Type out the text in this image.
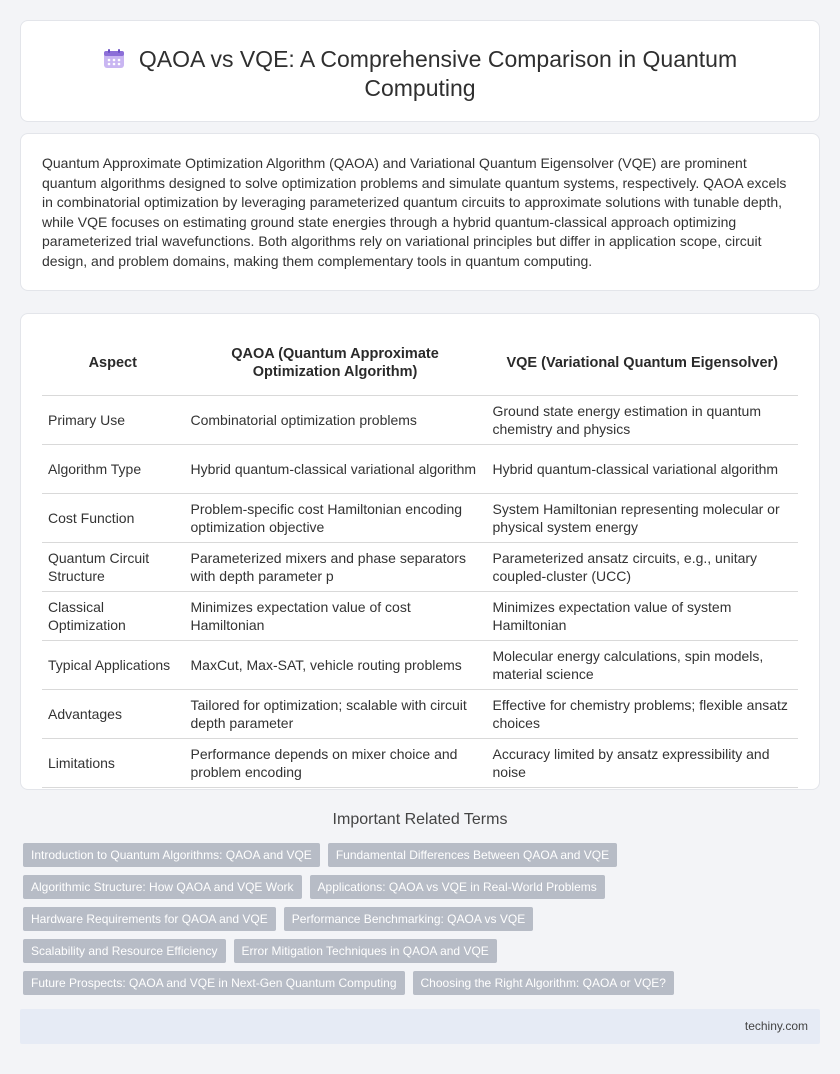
QAOA vs VQE: A Comprehensive Comparison in Quantum Computing

Quantum Approximate Optimization Algorithm (QAOA) and Variational Quantum Eigensolver (VQE) are prominent quantum algorithms designed to solve optimization problems and simulate quantum systems, respectively. QAOA excels in combinatorial optimization by leveraging parameterized quantum circuits to approximate solutions with tunable depth, while VQE focuses on estimating ground state energies through a hybrid quantum-classical approach optimizing parameterized trial wavefunctions. Both algorithms rely on variational principles but differ in application scope, circuit design, and problem domains, making them complementary tools in quantum computing.

Aspect	QAOA (Quantum Approximate Optimization Algorithm)	VQE (Variational Quantum Eigensolver)
Primary Use	Combinatorial optimization problems	Ground state energy estimation in quantum chemistry and physics
Algorithm Type	Hybrid quantum-classical variational algorithm	Hybrid quantum-classical variational algorithm
Cost Function	Problem-specific cost Hamiltonian encoding optimization objective	System Hamiltonian representing molecular or physical system energy
Quantum Circuit Structure	Parameterized mixers and phase separators with depth parameter p	Parameterized ansatz circuits, e.g., unitary coupled-cluster (UCC)
Classical Optimization	Minimizes expectation value of cost Hamiltonian	Minimizes expectation value of system Hamiltonian
Typical Applications	MaxCut, Max-SAT, vehicle routing problems	Molecular energy calculations, spin models, material science
Advantages	Tailored for optimization; scalable with circuit depth parameter	Effective for chemistry problems; flexible ansatz choices
Limitations	Performance depends on mixer choice and problem encoding	Accuracy limited by ansatz expressibility and noise
Important Related Terms
Introduction to Quantum Algorithms: QAOA and VQE	Fundamental Differences Between QAOA and VQE
Algorithmic Structure: How QAOA and VQE Work	Applications: QAOA vs VQE in Real-World Problems
Hardware Requirements for QAOA and VQE	Performance Benchmarking: QAOA vs VQE
Scalability and Resource Efficiency	Error Mitigation Techniques in QAOA and VQE
Future Prospects: QAOA and VQE in Next-Gen Quantum Computing	Choosing the Right Algorithm: QAOA or VQE?
techiny.com
